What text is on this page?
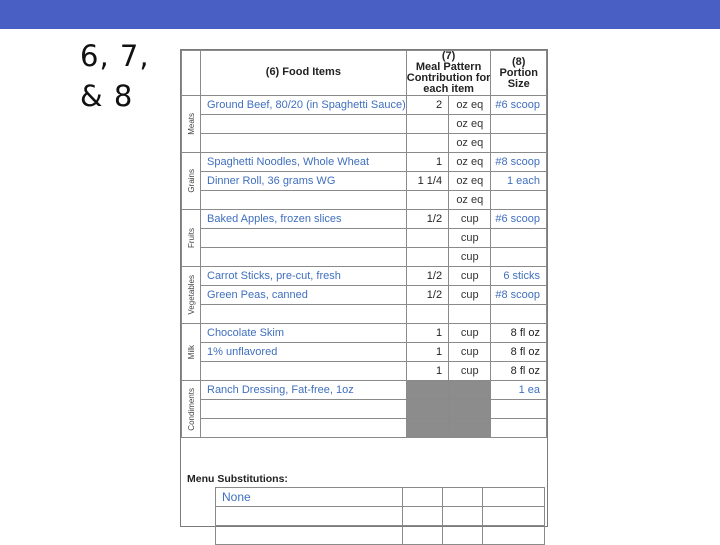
6, 7,
& 8
	(6) Food Items	(7)
Meal Pattern
Contribution for
each item		(8)
Portion
Size

Meats	Ground Beef, 80/20 (in Spaghetti Sauce)	2	oz eq	#6 scoop
			oz eq	
			oz eq	

Grains	Spaghetti Noodles, Whole Wheat	1	oz eq	#8 scoop
	Dinner Roll, 36 grams WG	1 1/4	oz eq	1 each
			oz eq	

Fruits	Baked Apples, frozen slices	1/2	cup	#6 scoop
			cup	
			cup	

Vegetables	Carrot Sticks, pre-cut, fresh	1/2	cup	6 sticks
	Green Peas, canned	1/2	cup	#8 scoop

Milk	Chocolate Skim	1	cup	8 fl oz
	1% unflavored	1	cup	8 fl oz
		1	cup	8 fl oz

Condiments	Ranch Dressing, Fat-free, 1oz			1 ea

Menu Substitutions:
None			
